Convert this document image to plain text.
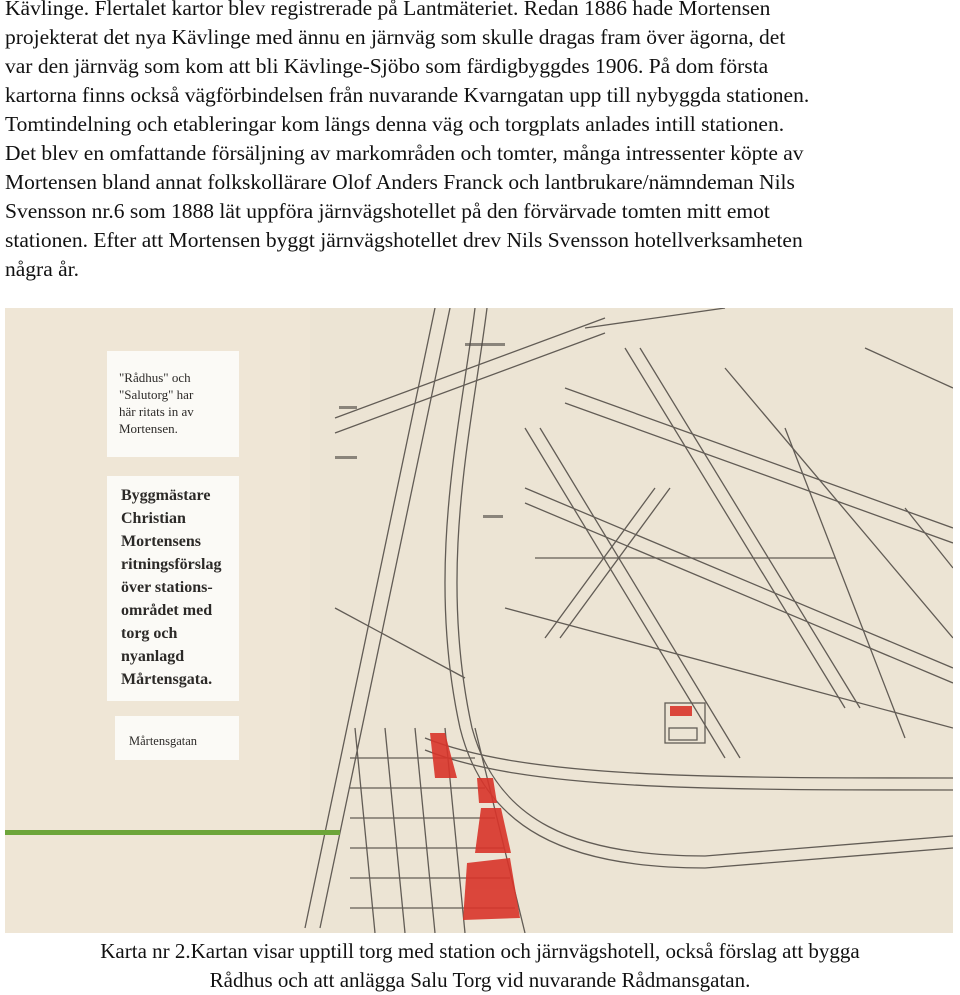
Kävlinge. Flertalet kartor blev registrerade på Lantmäteriet. Redan 1886 hade Mortensen
projekterat det nya Kävlinge med ännu en järnväg som skulle dragas fram över ägorna, det
var den järnväg som kom att bli Kävlinge-Sjöbo som färdigbyggdes 1906. På dom första
kartorna finns också vägförbindelsen från nuvarande Kvarngatan upp till nybyggda stationen.
Tomtindelning och etableringar kom längs denna väg och torgplats anlades intill stationen.
Det blev en omfattande försäljning av markområden och tomter, många intressenter köpte av
Mortensen bland annat folkskollärare Olof Anders Franck och lantbrukare/nämndeman Nils
Svensson nr.6 som 1888 lät uppföra järnvägshotellet på den förvärvade tomten mitt emot
stationen. Efter att Mortensen byggt järnvägshotellet drev Nils Svensson hotellverksamheten
några år.
"Rådhus" och
"Salutorg" har
här ritats in av
Mortensen.
Byggmästare
Christian
Mortensens
ritningsförslag
över stations-
området med
torg och
nyanlagd
Mårtensgata.
Mårtensgatan
Karta nr 2.Kartan visar upptill torg med station och järnvägshotell, också förslag att bygga
Rådhus och att anlägga Salu Torg vid nuvarande Rådmansgatan.
